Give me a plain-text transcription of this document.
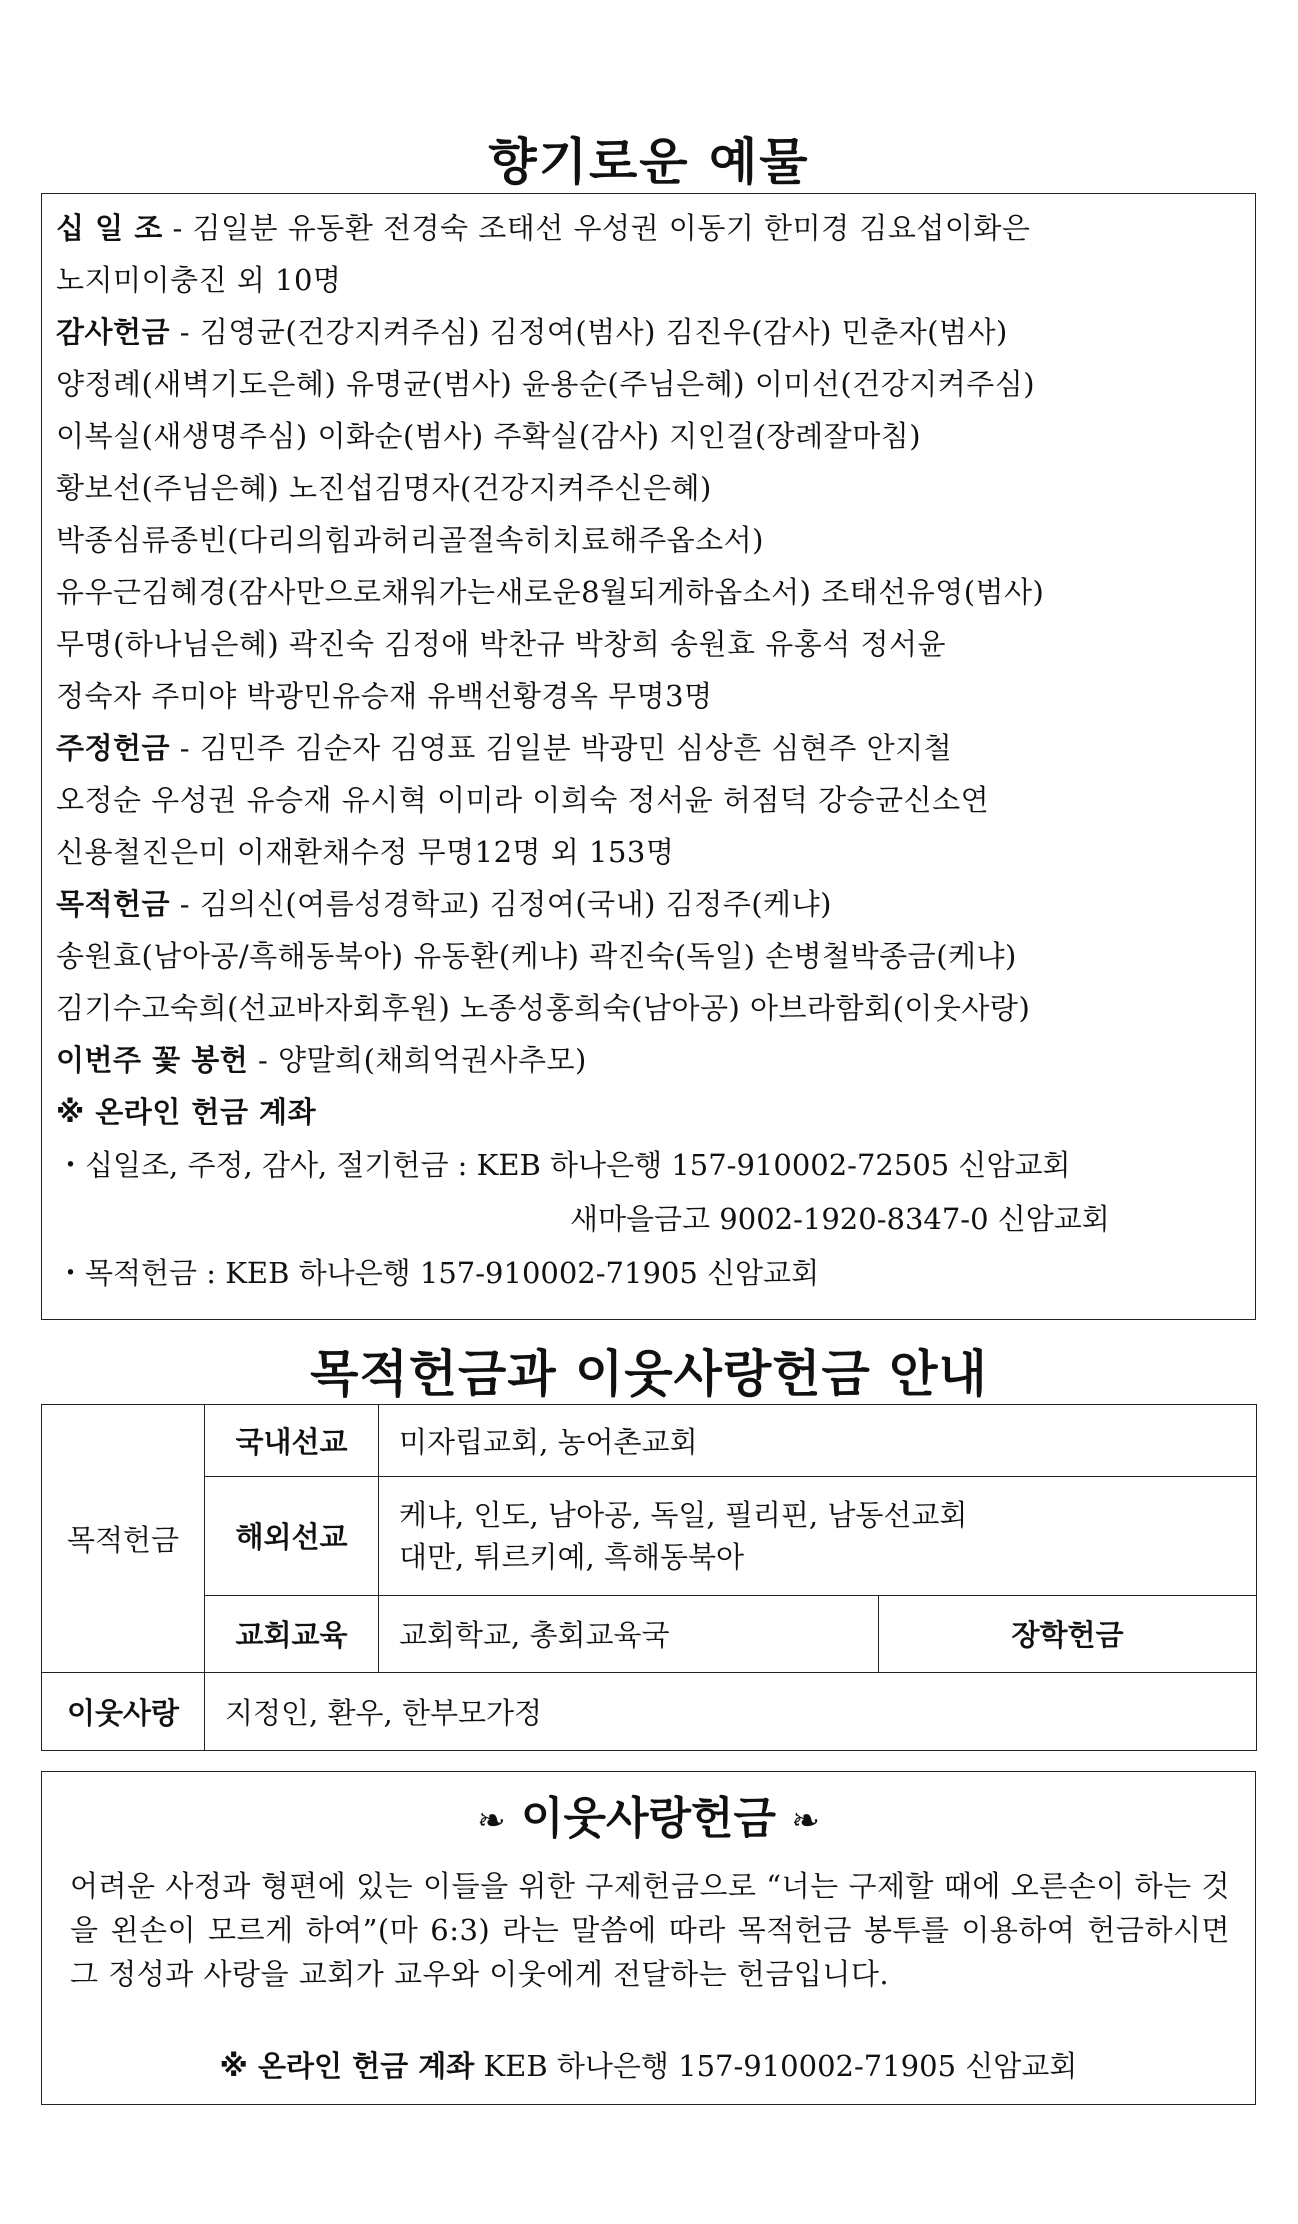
향기로운 예물
십 일 조 - 김일분 유동환 전경숙 조태선 우성권 이동기 한미경 김요섭이화은
노지미이충진 외 10명
감사헌금 - 김영균(건강지켜주심) 김정여(범사) 김진우(감사) 민춘자(범사)
양정례(새벽기도은혜) 유명균(범사) 윤용순(주님은혜) 이미선(건강지켜주심)
이복실(새생명주심) 이화순(범사) 주확실(감사) 지인걸(장례잘마침)
황보선(주님은혜) 노진섭김명자(건강지켜주신은혜)
박종심류종빈(다리의힘과허리골절속히치료해주옵소서)
유우근김혜경(감사만으로채워가는새로운8월되게하옵소서) 조태선유영(범사)
무명(하나님은혜) 곽진숙 김정애 박찬규 박창희 송원효 유홍석 정서윤
정숙자 주미야 박광민유승재 유백선황경옥 무명3명
주정헌금 - 김민주 김순자 김영표 김일분 박광민 심상흔 심현주 안지철
오정순 우성권 유승재 유시혁 이미라 이희숙 정서윤 허점덕 강승균신소연
신용철진은미 이재환채수정 무명12명 외 153명
목적헌금 - 김의신(여름성경학교) 김정여(국내) 김정주(케냐)
송원효(남아공/흑해동북아) 유동환(케냐) 곽진숙(독일) 손병철박종금(케냐)
김기수고숙희(선교바자회후원) 노종성홍희숙(남아공) 아브라함회(이웃사랑)
이번주 꽃 봉헌 - 양말희(채희억권사추모)
※ 온라인 헌금 계좌
・십일조, 주정, 감사, 절기헌금 : KEB 하나은행 157-910002-72505 신암교회
새마을금고 9002-1920-8347-0 신암교회
・목적헌금 : KEB 하나은행 157-910002-71905 신암교회
목적헌금과 이웃사랑헌금 안내
목적헌금	국내선교	미자립교회, 농어촌교회	
	해외선교	케냐, 인도, 남아공, 독일, 필리핀, 남동선교회
대만, 튀르키예, 흑해동북아	

	교회교육	교회학교, 총회교육국	장학헌금
이웃사랑	지정인, 환우, 한부모가정		
❧ 이웃사랑헌금 ❧
어려운 사정과 형편에 있는 이들을 위한 구제헌금으로 “너는 구제할 때에 오른손이 하는 것을 왼손이 모르게 하여”(마 6:3) 라는 말씀에 따라 목적헌금 봉투를 이용하여 헌금하시면 그 정성과 사랑을 교회가 교우와 이웃에게 전달하는 헌금입니다.
※ 온라인 헌금 계좌 KEB 하나은행 157-910002-71905 신암교회
